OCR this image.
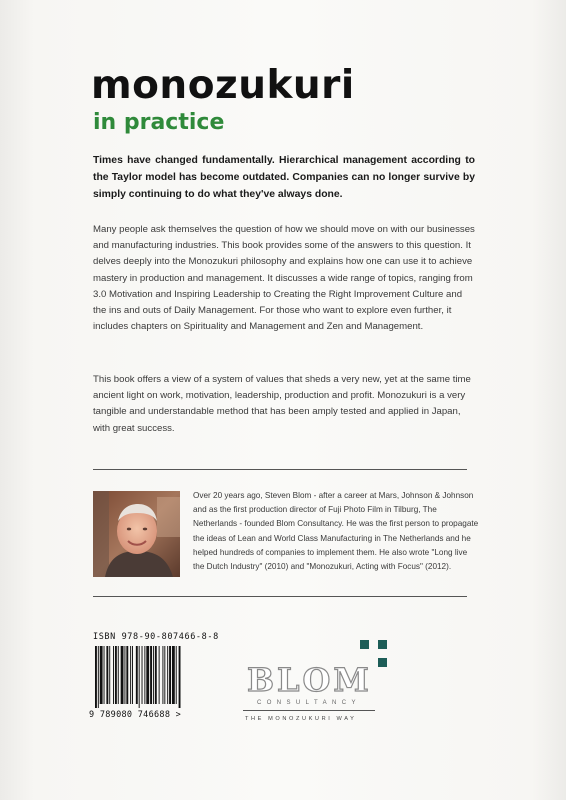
monozukuri
in practice

Times have changed fundamentally. Hierarchical management according to the Taylor model has become outdated. Companies can no longer survive by simply continuing to do what they've always done.

Many people ask themselves the question of how we should move on with our businesses and manufacturing industries. This book provides some of the answers to this question. It delves deeply into the Monozukuri philosophy and explains how one can use it to achieve mastery in production and management. It discusses a wide range of topics, ranging from 3.0 Motivation and Inspiring Leadership to Creating the Right Improvement Culture and the ins and outs of Daily Management. For those who want to explore even further, it includes chapters on Spirituality and Management and Zen and Management.

This book offers a view of a system of values that sheds a very new, yet at the same time ancient light on work, motivation, leadership, production and profit. Monozukuri is a very tangible and understandable method that has been amply tested and applied in Japan, with great success.

Over 20 years ago, Steven Blom - after a career at Mars, Johnson & Johnson and as the first production director of Fuji Photo Film in Tilburg, The Netherlands - founded Blom Consultancy. He was the first person to propagate the ideas of Lean and World Class Manufacturing in The Netherlands and he helped hundreds of companies to implement them. He also wrote "Long live the Dutch Industry" (2010) and "Monozukuri, Acting with Focus" (2012).

ISBN 978-90-807466-8-8
9 789080 746688 >
BLOM
CONSULTANCY
THE MONOZUKURI WAY
